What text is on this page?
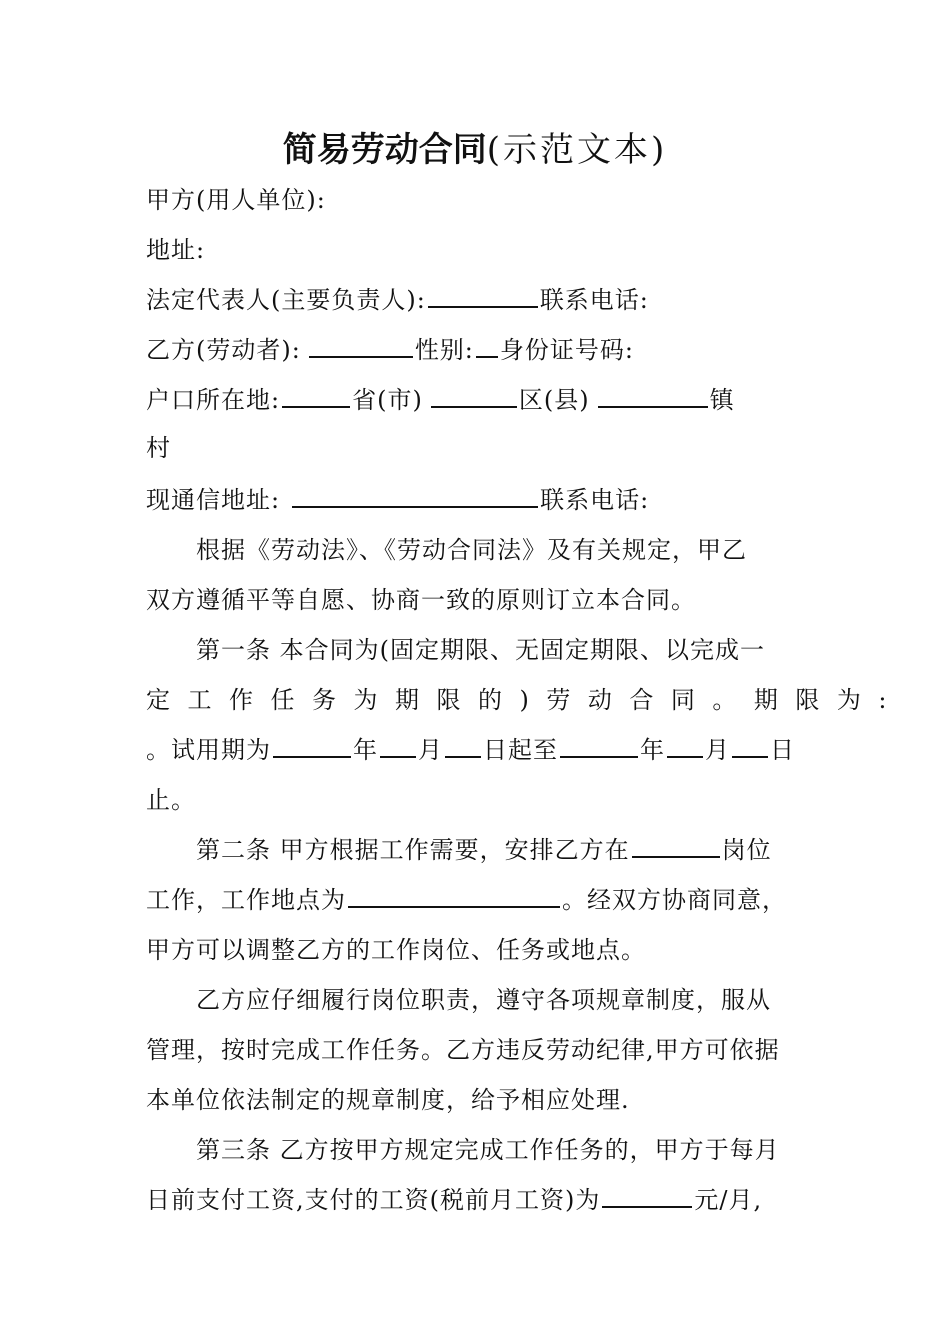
简易劳动合同(示范文本)
甲方(用人单位):
地址:
法定代表人(主要负责人):	联系电话:
乙方(劳动者):	性别: 身份证号码:
户口所在地:	省(市)	区(县)	镇
村
现通信地址:	联系电话:
根据《劳动法》、《劳动合同法》及有关规定，甲乙
双方遵循平等自愿、协商一致的原则订立本合同。
第一条 本合同为(固定期限、无固定期限、以完成一
定工作任务为期限的)劳动合同。期限为:
。试用期为	年 月 日起至	年 月 日
止。
第二条 甲方根据工作需要，安排乙方在	岗位
工作，工作地点为	。经双方协商同意，
甲方可以调整乙方的工作岗位、任务或地点。
乙方应仔细履行岗位职责，遵守各项规章制度，服从
管理，按时完成工作任务。乙方违反劳动纪律,甲方可依据
本单位依法制定的规章制度，给予相应处理.
第三条 乙方按甲方规定完成工作任务的，甲方于每月
日前支付工资,支付的工资(税前月工资)为	元/月,
